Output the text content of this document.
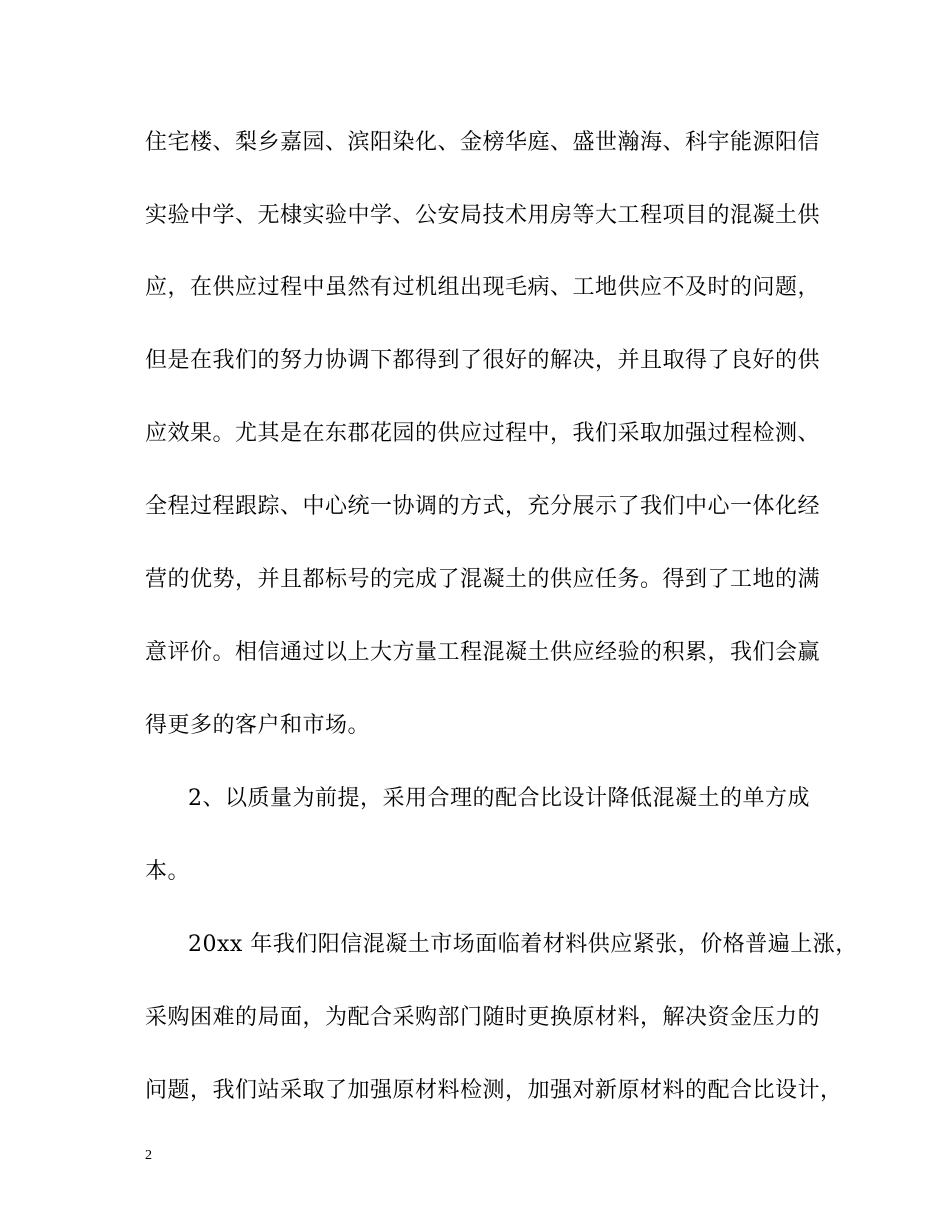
住宅楼、梨乡嘉园、滨阳染化、金榜华庭、盛世瀚海、科宇能源阳信
实验中学、无棣实验中学、公安局技术用房等大工程项目的混凝土供
应，在供应过程中虽然有过机组出现毛病、工地供应不及时的问题，
但是在我们的努力协调下都得到了很好的解决，并且取得了良好的供
应效果。尤其是在东郡花园的供应过程中，我们采取加强过程检测、
全程过程跟踪、中心统一协调的方式，充分展示了我们中心一体化经
营的优势，并且都标号的完成了混凝土的供应任务。得到了工地的满
意评价。相信通过以上大方量工程混凝土供应经验的积累，我们会赢
得更多的客户和市场。
2、以质量为前提，采用合理的配合比设计降低混凝土的单方成
本。
20xx 年我们阳信混凝土市场面临着材料供应紧张，价格普遍上涨，
采购困难的局面，为配合采购部门随时更换原材料，解决资金压力的
问题，我们站采取了加强原材料检测，加强对新原材料的配合比设计，
2
